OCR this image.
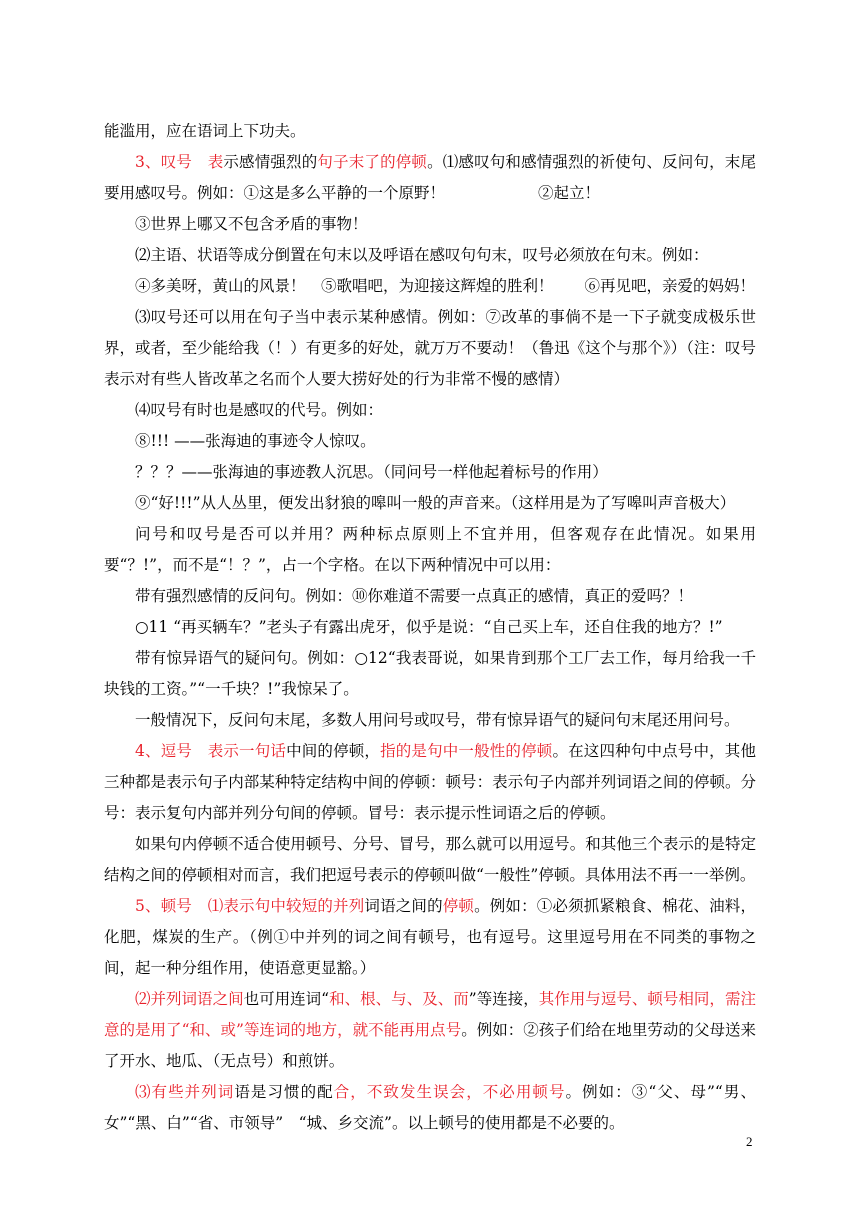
能滥用，应在语词上下功夫。

3、叹号　表示感情强烈的句子末了的停顿。⑴感叹句和感情强烈的祈使句、反问句，末尾要用感叹号。例如：①这是多么平静的一个原野！　　　　　　②起立！

③世界上哪又不包含矛盾的事物！

⑵主语、状语等成分倒置在句末以及呼语在感叹句句末，叹号必须放在句末。例如：

④多美呀，黄山的风景！　⑤歌唱吧，为迎接这辉煌的胜利！　　⑥再见吧，亲爱的妈妈！

⑶叹号还可以用在句子当中表示某种感情。例如：⑦改革的事倘不是一下子就变成极乐世界，或者，至少能给我（！）有更多的好处，就万万不要动！（鲁迅《这个与那个》）（注：叹号表示对有些人皆改革之名而个人要大捞好处的行为非常不慢的感情）

⑷叹号有时也是感叹的代号。例如：

⑧!!! ——张海迪的事迹令人惊叹。

？？？——张海迪的事迹教人沉思。（同问号一样他起着标号的作用）

⑨“好!!!”从人丛里，便发出豺狼的嗥叫一般的声音来。（这样用是为了写嗥叫声音极大）

问号和叹号是否可以并用？两种标点原则上不宜并用，但客观存在此情况。如果用要“？!”，而不是“！？”，占一个字格。在以下两种情况中可以用：

带有强烈感情的反问句。例如：⑩你难道不需要一点真正的感情，真正的爱吗？！

○11 “再买辆车？”老头子有露出虎牙，似乎是说：“自己买上车，还自住我的地方？!”

带有惊异语气的疑问句。例如：○12“我表哥说，如果肯到那个工厂去工作，每月给我一千块钱的工资。”“一千块？!”我惊呆了。

一般情况下，反问句末尾，多数人用问号或叹号，带有惊异语气的疑问句末尾还用问号。

4、逗号　表示一句话中间的停顿，指的是句中一般性的停顿。在这四种句中点号中，其他三种都是表示句子内部某种特定结构中间的停顿：顿号：表示句子内部并列词语之间的停顿。分号：表示复句内部并列分句间的停顿。冒号：表示提示性词语之后的停顿。

如果句内停顿不适合使用顿号、分号、冒号，那么就可以用逗号。和其他三个表示的是特定结构之间的停顿相对而言，我们把逗号表示的停顿叫做“一般性”停顿。具体用法不再一一举例。

5、顿号　⑴表示句中较短的并列词语之间的停顿。例如：①必须抓紧粮食、棉花、油料，化肥，煤炭的生产。（例①中并列的词之间有顿号，也有逗号。这里逗号用在不同类的事物之间，起一种分组作用，使语意更显豁。）

⑵并列词语之间也可用连词“和、根、与、及、而”等连接，其作用与逗号、顿号相同，需注意的是用了“和、或”等连词的地方，就不能再用点号。例如：②孩子们给在地里劳动的父母送来了开水、地瓜、（无点号）和煎饼。

⑶有些并列词语是习惯的配合，不致发生误会，不必用顿号。例如：③“父、母”“男、女”“黑、白”“省、市领导”　“城、乡交流”。以上顿号的使用都是不必要的。

2
